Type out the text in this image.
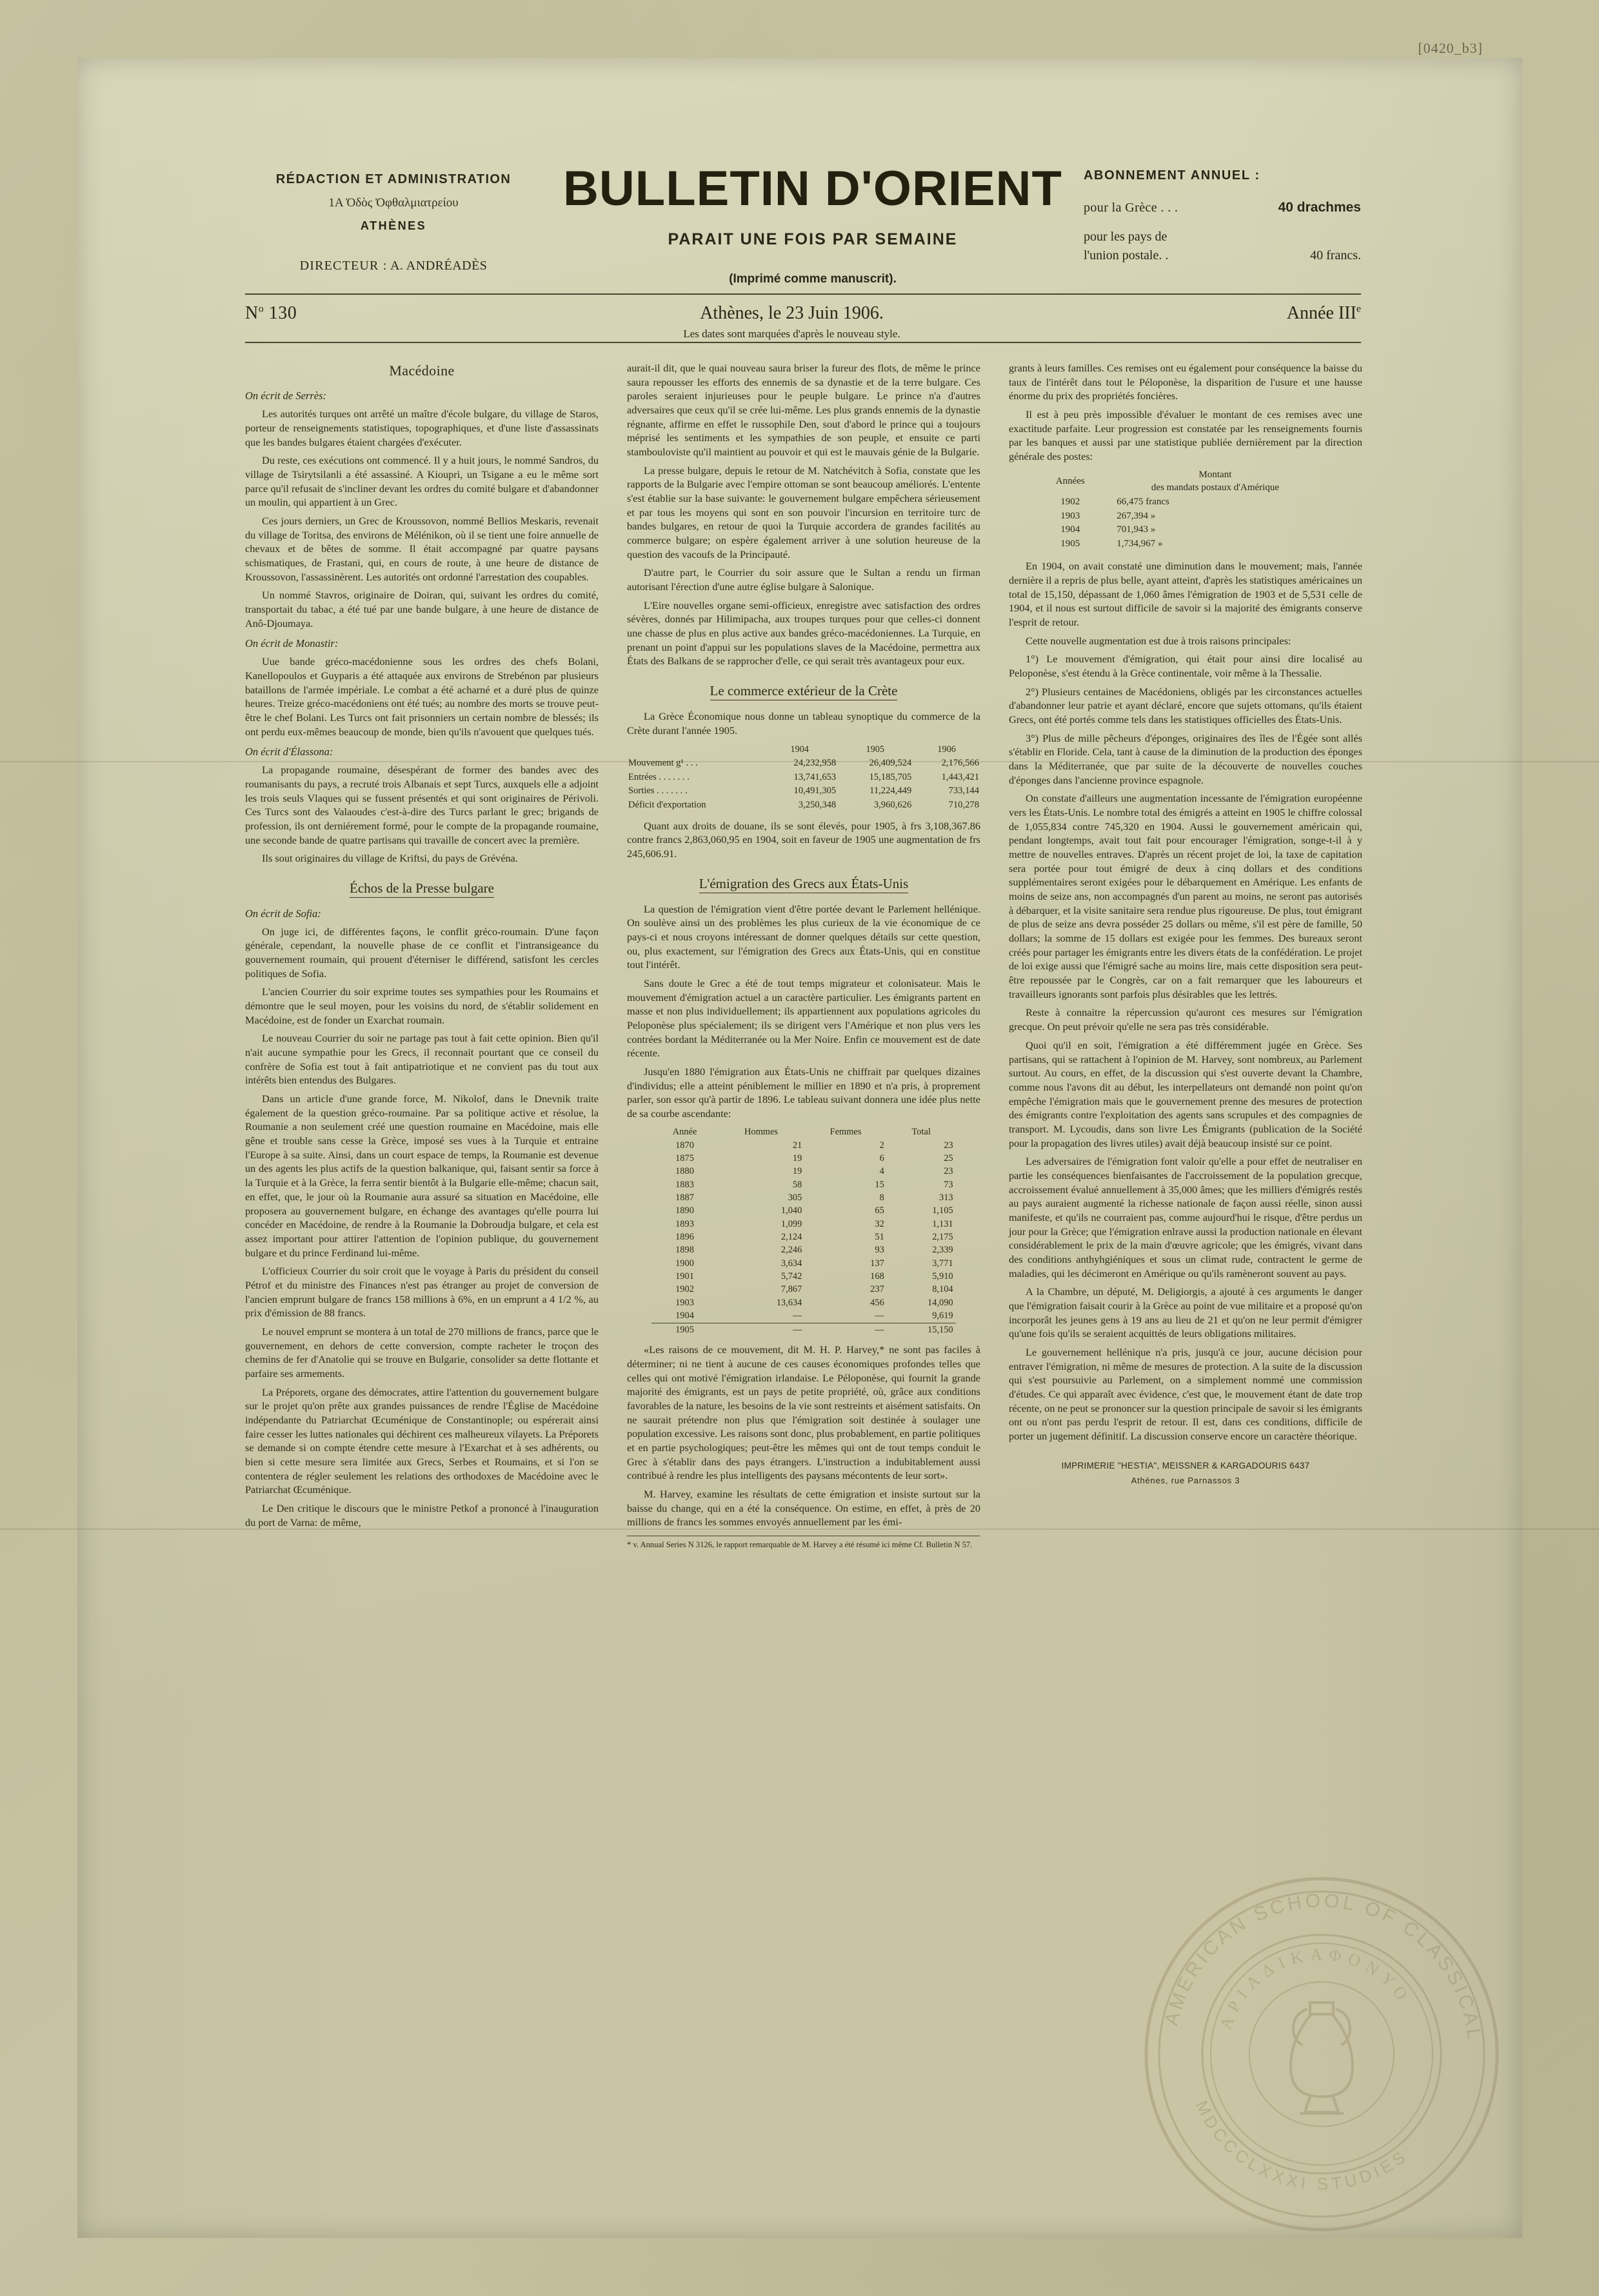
[0420_b3]
RÉDACTION ET ADMINISTRATION
1Α Ὁδὸς Ὀφθαλμιατρείου
ATHÈNES
DIRECTEUR : A. ANDRÉADÈS
BULLETIN D'ORIENT
PARAIT UNE FOIS PAR SEMAINE
(Imprimé comme manuscrit).
ABONNEMENT ANNUEL :
pour la Grèce . . .	40 drachmes
pour les pays de
l'union postale. .	40 francs.
$N^o$ 130	Athènes, le 23 Juin 1906.
Les dates sont marquées d'après le nouveau style.
Année IIIe
Macédoine
On écrit de Serrès:

Les autorités turques ont arrêté un maître d'école bulgare, du village de Staros, porteur de renseignements statistiques, topographiques, et d'une liste d'assassinats que les bandes bulgares étaient chargées d'exécuter.

Du reste, ces exécutions ont commencé. Il y a huit jours, le nommé Sandros, du village de Tsirytsilanli a été assassiné. A Kioupri, un Tsigane a eu le même sort parce qu'il refusait de s'incliner devant les ordres du comité bulgare et d'abandonner un moulin, qui appartient à un Grec.

Ces jours derniers, un Grec de Kroussovon, nommé Bellios Meskaris, revenait du village de Toritsa, des environs de Mélénikon, où il se tient une foire annuelle de chevaux et de bêtes de somme. Il était accompagné par quatre paysans schismatiques, de Frastani, qui, en cours de route, à une heure de distance de Kroussovon, l'assassinèrent. Les autorités ont ordonné l'arrestation des coupables.

Un nommé Stavros, originaire de Doiran, qui, suivant les ordres du comité, transportait du tabac, a été tué par une bande bulgare, à une heure de distance de Anô-Djoumaya.

On écrit de Monastir:

Uue bande gréco-macédonienne sous les ordres des chefs Bolani, Kanellopoulos et Guyparis a été attaquée aux environs de Strebénon par plusieurs bataillons de l'armée impériale. Le combat a été acharné et a duré plus de quinze heures. Treize gréco-macédoniens ont été tués; au nombre des morts se trouve peut-être le chef Bolani. Les Turcs ont fait prisonniers un certain nombre de blessés; ils ont perdu eux-mêmes beaucoup de monde, bien qu'ils n'avouent que quelques tués.

On écrit d'Élassona:

La propagande roumaine, désespérant de former des bandes avec des roumanisants du pays, a recruté trois Albanais et sept Turcs, auxquels elle a adjoint les trois seuls Vlaques qui se fussent présentés et qui sont originaires de Périvoli. Ces Turcs sont des Valaoudes c'est-à-dire des Turcs parlant le grec; brigands de profession, ils ont derniérement formé, pour le compte de la propagande roumaine, une seconde bande de quatre partisans qui travaille de concert avec la première.

Ils sout originaires du village de Kriftsi, du pays de Grévéna.

Échos de la Presse bulgare
On écrit de Sofia:

On juge ici, de différentes façons, le conflit gréco-roumain. D'une façon générale, cependant, la nouvelle phase de ce conflit et l'intransigeance du gouvernement roumain, qui prouent d'éterniser le différend, satisfont les cercles politiques de Sofia.

L'ancien Courrier du soir exprime toutes ses sympathies pour les Roumains et démontre que le seul moyen, pour les voisins du nord, de s'établir solidement en Macédoine, est de fonder un Exarchat roumain.

Le nouveau Courrier du soir ne partage pas tout à fait cette opinion. Bien qu'il n'ait aucune sympathie pour les Grecs, il reconnait pourtant que ce conseil du confrère de Sofia est tout à fait antipatriotique et ne convient pas du tout aux intérêts bien entendus des Bulgares.

Dans un article d'une grande force, M. Nikolof, dans le Dnevnik traite également de la question gréco-roumaine. Par sa politique active et résolue, la Roumanie a non seulement créé une question roumaine en Macédoine, mais elle gêne et trouble sans cesse la Grèce, imposé ses vues à la Turquie et entraine l'Europe à sa suite. Ainsi, dans un court espace de temps, la Roumanie est devenue un des agents les plus actifs de la question balkanique, qui, faisant sentir sa force à la Turquie et à la Grèce, la ferra sentir bientôt à la Bulgarie elle-même; chacun sait, en effet, que, le jour où la Roumanie aura assuré sa situation en Macédoine, elle proposera au gouvernement bulgare, en échange des avantages qu'elle pourra lui concéder en Macédoine, de rendre à la Roumanie la Dobroudja bulgare, et cela est assez important pour attirer l'attention de l'opinion publique, du gouvernement bulgare et du prince Ferdinand lui-même.

L'officieux Courrier du soir croit que le voyage à Paris du président du conseil Pétrof et du ministre des Finances n'est pas étranger au projet de conversion de l'ancien emprunt bulgare de francs 158 millions à 6%, en un emprunt a 4 1/2 %, au prix d'émission de 88 francs.

Le nouvel emprunt se montera à un total de 270 millions de francs, parce que le gouvernement, en dehors de cette conversion, compte racheter le troçon des chemins de fer d'Anatolie qui se trouve en Bulgarie, consolider sa dette flottante et parfaire ses armements.

La Préporets, organe des démocrates, attire l'attention du gouvernement bulgare sur le projet qu'on prête aux grandes puissances de rendre l'Église de Macédoine indépendante du Patriarchat Œcuménique de Constantinople; ou espérerait ainsi faire cesser les luttes nationales qui déchirent ces malheureux vilayets. La Préporets se demande si on compte étendre cette mesure à l'Exarchat et à ses adhérents, ou bien si cette mesure sera limitée aux Grecs, Serbes et Roumains, et si l'on se contentera de régler seulement les relations des orthodoxes de Macédoine avec le Patriarchat Œcuménique.

Le Den critique le discours que le ministre Petkof a prononcé à l'inauguration du port de Varna: de même,

aurait-il dit, que le quai nouveau saura briser la fureur des flots, de même le prince saura repousser les efforts des ennemis de sa dynastie et de la terre bulgare. Ces paroles seraient injurieuses pour le peuple bulgare. Le prince n'a d'autres adversaires que ceux qu'il se crée lui-même. Les plus grands ennemis de la dynastie régnante, affirme en effet le russophile Den, sout d'abord le prince qui a toujours méprisé les sentiments et les sympathies de son peuple, et ensuite ce parti stambouloviste qu'il maintient au pouvoir et qui est le mauvais génie de la Bulgarie.

La presse bulgare, depuis le retour de M. Natchévitch à Sofia, constate que les rapports de la Bulgarie avec l'empire ottoman se sont beaucoup améliorés. L'entente s'est établie sur la base suivante: le gouvernement bulgare empêchera sérieusement et par tous les moyens qui sont en son pouvoir l'incursion en territoire turc de bandes bulgares, en retour de quoi la Turquie accordera de grandes facilités au commerce bulgare; on espère également arriver à une solution heureuse de la question des vacoufs de la Principauté.

D'autre part, le Courrier du soir assure que le Sultan a rendu un firman autorisant l'érection d'une autre église bulgare à Salonique.

L'Eire nouvelles organe semi-officieux, enregistre avec satisfaction des ordres sévères, donnés par Hilimipacha, aux troupes turques pour que celles-ci donnent une chasse de plus en plus active aux bandes gréco-macédoniennes. La Turquie, en prenant un point d'appui sur les populations slaves de la Macédoine, permettra aux États des Balkans de se rapprocher d'elle, ce qui serait très avantageux pour eux.

Le commerce extérieur de la Crète

La Grèce Économique nous donne un tableau synoptique du commerce de la Crète durant l'année 1905.

	1904	1905	1906
Mouvement g¹ . . .	24,232,958	26,409,524	2,176,566
Entrées . . . . . . .	13,741,653	15,185,705	1,443,421
Sorties . . . . . . .	10,491,305	11,224,449	733,144
Déficit d'exportation	3,250,348	3,960,626	710,278

Quant aux droits de douane, ils se sont élevés, pour 1905, à frs 3,108,367.86 contre francs 2,863,060,95 en 1904, soit en faveur de 1905 une augmentation de frs 245,606.91.

L'émigration des Grecs aux États-Unis

La question de l'émigration vient d'être portée devant le Parlement hellénique. On soulève ainsi un des problèmes les plus curieux de la vie économique de ce pays-ci et nous croyons intéressant de donner quelques détails sur cette question, ou, plus exactement, sur l'émigration des Grecs aux États-Unis, qui en constitue tout l'intérêt.

Sans doute le Grec a été de tout temps migrateur et colonisateur. Mais le mouvement d'émigration actuel a un caractère particulier. Les émigrants partent en masse et non plus individuellement; ils appartiennent aux populations agricoles du Peloponèse plus spécialement; ils se dirigent vers l'Amérique et non plus vers les contrées bordant la Méditerranée ou la Mer Noire. Enfin ce mouvement est de date récente.

Jusqu'en 1880 l'émigration aux États-Unis ne chiffrait par quelques dizaines d'individus; elle a atteint péniblement le millier en 1890 et n'a pris, à proprement parler, son essor qu'à partir de 1896. Le tableau suivant donnera une idée plus nette de sa courbe ascendante:

Année	Hommes	Femmes	Total
1870	21	2	23
1875	19	6	25
1880	19	4	23
1883	58	15	73
1887	305	8	313
1890	1,040	65	1,105
1893	1,099	32	1,131
1896	2,124	51	2,175
1898	2,246	93	2,339
1900	3,634	137	3,771
1901	5,742	168	5,910
1902	7,867	237	8,104
1903	13,634	456	14,090
1904	—	—	9,619
1905	—	—	15,150

«Les raisons de ce mouvement, dit M. H. P. Harvey,* ne sont pas faciles à déterminer; ni ne tient à aucune de ces causes économiques profondes telles que celles qui ont motivé l'émigration irlandaise. Le Péloponèse, qui fournit la grande majorité des émigrants, est un pays de petite propriété, où, grâce aux conditions favorables de la nature, les besoins de la vie sont restreints et aisément satisfaits. On ne saurait prétendre non plus que l'émigration soit destinée à soulager une population excessive. Les raisons sont donc, plus probablement, en partie politiques et en partie psychologiques; peut-être les mêmes qui ont de tout temps conduit le Grec à s'établir dans des pays étrangers. L'instruction a indubitablement aussi contribué à rendre les plus intelligents des paysans mécontents de leur sort».

M. Harvey, examine les résultats de cette émigration et insiste surtout sur la baisse du change, qui en a été la conséquence. On estime, en effet, à près de 20 millions de francs les sommes envoyés annuellement par les émi-

* v. Annual Series N 3126, le rapport remarquable de M. Harvey a été résumé ici même Cf. Bulletin N 57.

grants à leurs familles. Ces remises ont eu également pour conséquence la baisse du taux de l'intérêt dans tout le Péloponèse, la disparition de l'usure et une hausse énorme du prix des propriétés foncières.

Il est à peu près impossible d'évaluer le montant de ces remises avec une exactitude parfaite. Leur progression est constatée par les renseignements fournis par les banques et aussi par une statistique publiée dernièrement par la direction générale des postes:

Années	Montant
des mandats postaux d'Amérique
1902	66,475 francs
1903	267,394 »
1904	701,943 »
1905	1,734,967 »

En 1904, on avait constaté une diminution dans le mouvement; mais, l'année dernière il a repris de plus belle, ayant atteint, d'après les statistiques américaines un total de 15,150, dépassant de 1,060 âmes l'émigration de 1903 et de 5,531 celle de 1904, et il nous est surtout difficile de savoir si la majorité des émigrants conserve l'esprit de retour.

Cette nouvelle augmentation est due à trois raisons principales:

1°) Le mouvement d'émigration, qui était pour ainsi dire localisé au Peloponèse, s'est étendu à la Grèce continentale, voir même à la Thessalie.

2°) Plusieurs centaines de Macédoniens, obligés par les circonstances actuelles d'abandonner leur patrie et ayant déclaré, encore que sujets ottomans, qu'ils étaient Grecs, ont été portés comme tels dans les statistiques officielles des États-Unis.

3°) Plus de mille pêcheurs d'éponges, originaires des îles de l'Égée sont allés s'établir en Floride. Cela, tant à cause de la diminution de la production des éponges dans la Méditerranée, que par suite de la découverte de nouvelles couches d'éponges dans l'ancienne province espagnole.

On constate d'ailleurs une augmentation incessante de l'émigration européenne vers les États-Unis. Le nombre total des émigrés a atteint en 1905 le chiffre colossal de 1,055,834 contre 745,320 en 1904. Aussi le gouvernement américain qui, pendant longtemps, avait tout fait pour encourager l'émigration, songe-t-il à y mettre de nouvelles entraves. D'après un récent projet de loi, la taxe de capitation sera portée pour tout émigré de deux à cinq dollars et des conditions supplémentaires seront exigées pour le débarquement en Amérique. Les enfants de moins de seize ans, non accompagnés d'un parent au moins, ne seront pas autorisés à débarquer, et la visite sanitaire sera rendue plus rigoureuse. De plus, tout émigrant de plus de seize ans devra posséder 25 dollars ou même, s'il est père de famille, 50 dollars; la somme de 15 dollars est exigée pour les femmes. Des bureaux seront créés pour partager les émigrants entre les divers états de la confédération. Le projet de loi exige aussi que l'émigré sache au moins lire, mais cette disposition sera peut-être repoussée par le Congrès, car on a fait remarquer que les laboureurs et travailleurs ignorants sont parfois plus désirables que les lettrés.

Reste à connaitre la répercussion qu'auront ces mesures sur l'émigration grecque. On peut prévoir qu'elle ne sera pas très considérable.

Quoi qu'il en soit, l'émigration a été différemment jugée en Grèce. Ses partisans, qui se rattachent à l'opinion de M. Harvey, sont nombreux, au Parlement surtout. Au cours, en effet, de la discussion qui s'est ouverte devant la Chambre, comme nous l'avons dit au début, les interpellateurs ont demandé non point qu'on empêche l'émigration mais que le gouvernement prenne des mesures de protection des émigrants contre l'exploitation des agents sans scrupules et des compagnies de transport. M. Lycoudis, dans son livre Les Émigrants (publication de la Société pour la propagation des livres utiles) avait déjà beaucoup insisté sur ce point.

Les adversaires de l'émigration font valoir qu'elle a pour effet de neutraliser en partie les conséquences bienfaisantes de l'accroissement de la population grecque, accroissement évalué annuellement à 35,000 âmes; que les milliers d'émigrés restés au pays auraient augmenté la richesse nationale de façon aussi réelle, sinon aussi manifeste, et qu'ils ne courraient pas, comme aujourd'hui le risque, d'être perdus un jour pour la Grèce; que l'émigration enlrave aussi la production nationale en élevant considérablement le prix de la main d'œuvre agricole; que les émigrés, vivant dans des conditions anthyhgiéniques et sous un climat rude, contractent le germe de maladies, qui les décimeront en Amérique ou qu'ils ramèneront souvent au pays.

A la Chambre, un député, M. Deligiorgis, a ajouté à ces arguments le danger que l'émigration faisait courir à la Grèce au point de vue militaire et a proposé qu'on incorporât les jeunes gens à 19 ans au lieu de 21 et qu'on ne leur permit d'émigrer qu'une fois qu'ils se seraient acquittés de leurs obligations militaires.

Le gouvernement hellénique n'a pris, jusqu'à ce jour, aucune décision pour entraver l'émigration, ni même de mesures de protection. A la suite de la discussion qui s'est poursuivie au Parlement, on a simplement nommé une commission d'études. Ce qui apparaît avec évidence, c'est que, le mouvement étant de date trop récente, on ne peut se prononcer sur la question principale de savoir si les émigrants ont ou n'ont pas perdu l'esprit de retour. Il est, dans ces conditions, difficile de porter un jugement définitif. La discussion conserve encore un caractère théorique.

IMPRIMERIE "HESTIA", MEISSNER & KARGADOURIS 6437
Athènes, rue Parnassos 3
AMERICAN SCHOOL OF CLASSICAL
MDCCCLXXXI STUDIES
ΑΡΙΑΔΙΚΑΦΟΝΥΟ
